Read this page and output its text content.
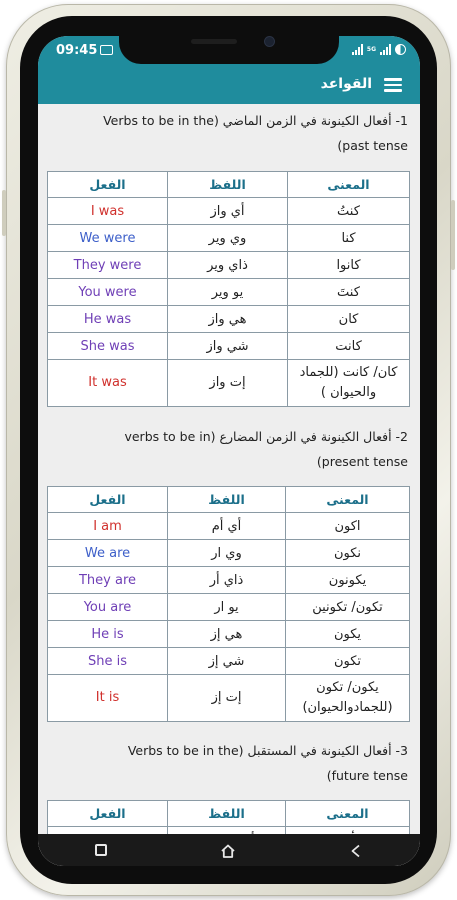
09:45	5G
القواعد
1- أفعال الكينونة في الزمن الماضي (Verbs to be in the
past tense)
الفعل	اللفظ	المعنى
I was	أي واز	كنتُ
We were	وي وير	كنا
They were	ذاي وير	كانوا
You were	يو وير	كنتَ
He was	هي واز	كان
She was	شي واز	كانت
It was	إت واز	كان/ كانت (للجماد والحيوان )
2- أفعال الكينونة في الزمن المضارع (verbs to be in
present tense)
الفعل	اللفظ	المعنى
I am	أي أم	اكون
We are	وي ار	نكون
They are	ذاي أر	يكونون
You are	يو ار	تكون/ تكونين
He is	هي إز	يكون
She is	شي إز	تكون
It is	إت إز	يكون/ تكون (للجمادوالحيوان)
3- أفعال الكينونة في المستقبل (Verbs to be in the
future tense)
الفعل	اللفظ	المعنى
